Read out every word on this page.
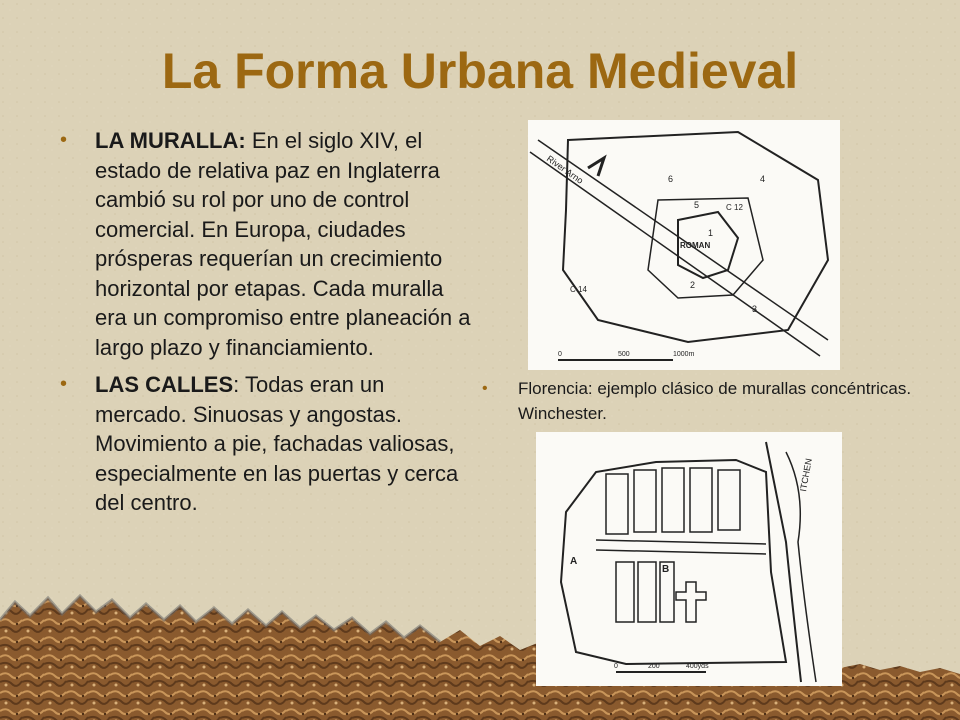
La Forma Urbana Medieval
• LA MURALLA: En el siglo XIV, el estado de relativa paz en Inglaterra cambió su rol por uno de control comercial. En Europa, ciudades prósperas requerían un crecimiento horizontal por etapas. Cada muralla era un compromiso entre planeación a largo plazo y financiamiento.
• LAS CALLES: Todas eran un mercado. Sinuosas y angostas. Movimiento a pie, fachadas valiosas, especialmente en las puertas y cerca del centro.
River Arno
ROMAN
6
5
1
2
3
4
C 12
C 14
0	500	1000m
•	Florencia: ejemplo clásico de murallas concéntricas. Winchester.
ITCHEN
A
B
0	200	400yds
